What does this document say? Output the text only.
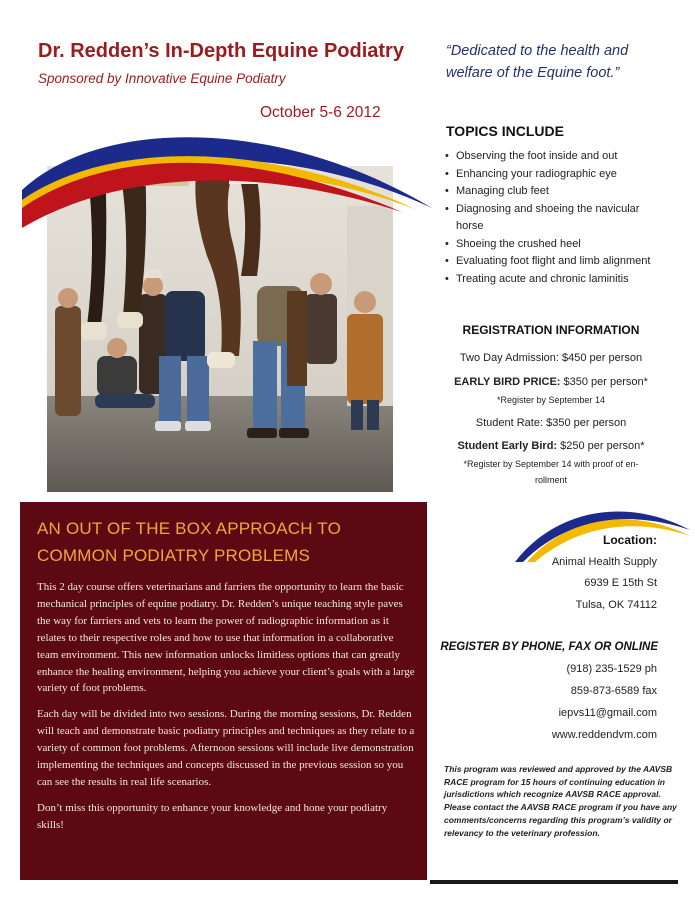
Dr. Redden’s In-Depth Equine Podiatry
Sponsored by Innovative Equine Podiatry
October 5-6 2012
“Dedicated to the health and
welfare of the Equine foot.”
TOPICS INCLUDE
• Observing the foot inside and out
• Enhancing your radiographic eye
• Managing club feet
• Diagnosing and shoeing the navicular horse
• Shoeing the crushed heel
• Evaluating foot flight and limb alignment
• Treating acute and chronic laminitis
REGISTRATION INFORMATION
Two Day Admission: $450 per person
EARLY BIRD PRICE: $350 per person*
*Register by September 14
Student Rate: $350 per person
Student Early Bird: $250 per person*
*Register by September 14 with proof of en-
rollment
AN OUT OF THE BOX APPROACH TO
COMMON PODIATRY PROBLEMS

This 2 day course offers veterinarians and farriers the opportunity to learn the basic mechanical principles of equine podiatry. Dr. Redden’s unique teaching style paves the way for farriers and vets to learn the power of radiographic information as it relates to their respective roles and how to use that information in a collaborative team environment. This new information unlocks limitless options that can greatly enhance the healing environment, helping you achieve your client’s goals with a large variety of foot problems.

Each day will be divided into two sessions. During the morning sessions, Dr. Redden will teach and demonstrate basic podiatry principles and techniques as they relate to a variety of common foot problems. Afternoon sessions will include live demonstration implementing the techniques and concepts discussed in the previous session so you can see the results in real life scenarios.

Don’t miss this opportunity to enhance your knowledge and hone your podiatry skills!

Location:
Animal Health Supply
6939 E 15th St
Tulsa, OK 74112
REGISTER BY PHONE, FAX OR ONLINE
(918) 235-1529 ph
859-873-6589 fax
iepvs11@gmail.com
www.reddendvm.com
This program was reviewed and approved by the AAVSB RACE program for 15 hours of continuing education in jurisdictions which recognize AAVSB RACE approval. Please contact the AAVSB RACE program if you have any comments/concerns regarding this program’s validity or relevancy to the veterinary profession.
